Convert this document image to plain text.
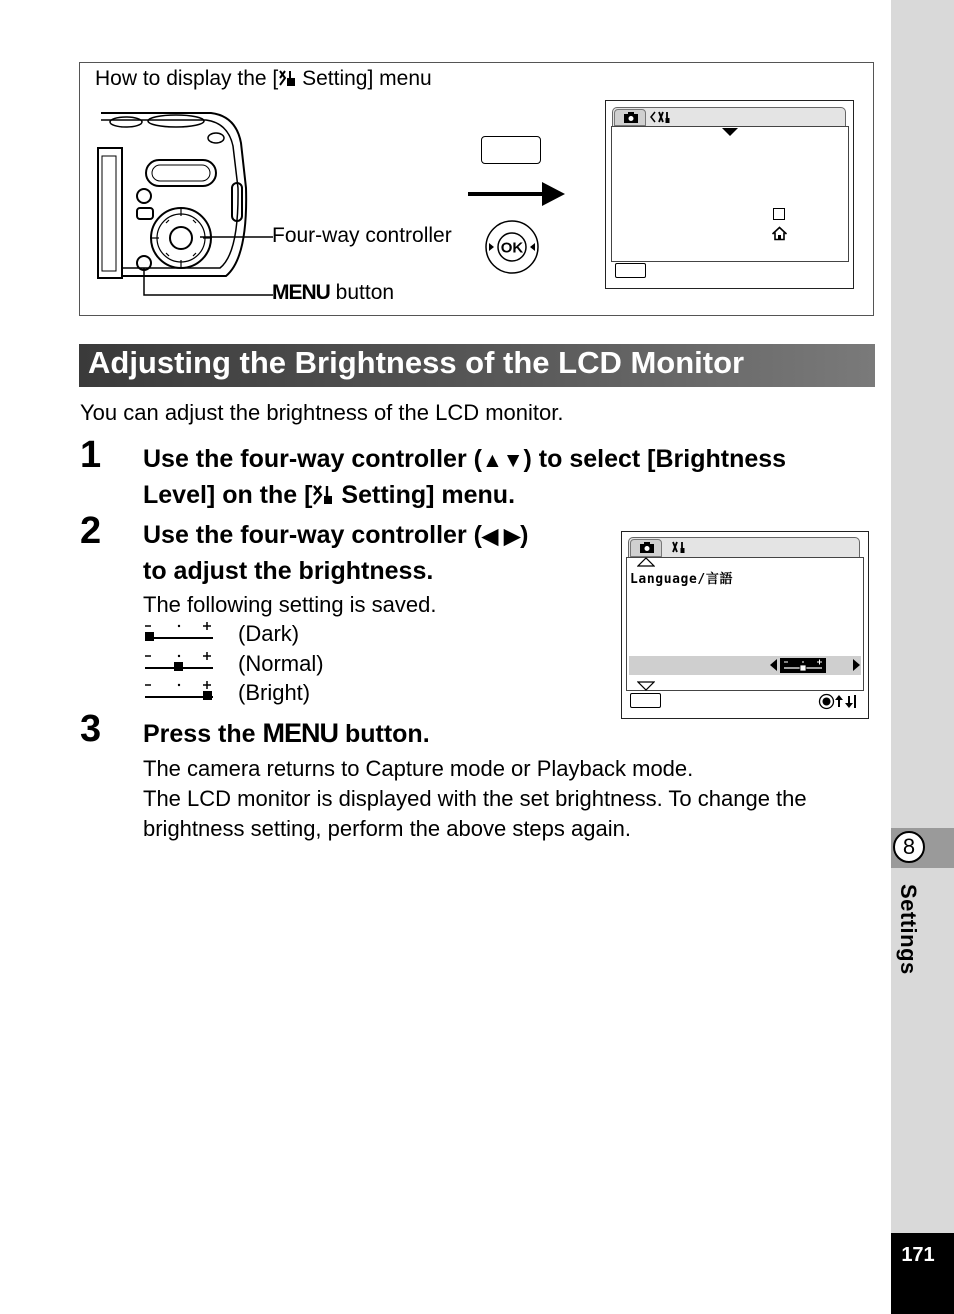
8
Settings
171
How to display the [ Setting] menu
Four-way controller
MENU button
OK
Adjusting the Brightness of the LCD Monitor
You can adjust the brightness of the LCD monitor.
1 Use the four-way controller (▲▼) to select [Brightness
Level] on the [ Setting] menu.
2 Use the four-way controller (◀ ▶)
to adjust the brightness.
The following setting is saved.
(Dark)
(Normal)
(Bright)
Language/言語
3 Press the MENU button.
The camera returns to Capture mode or Playback mode.
The LCD monitor is displayed with the set brightness. To change the
brightness setting, perform the above steps again.
